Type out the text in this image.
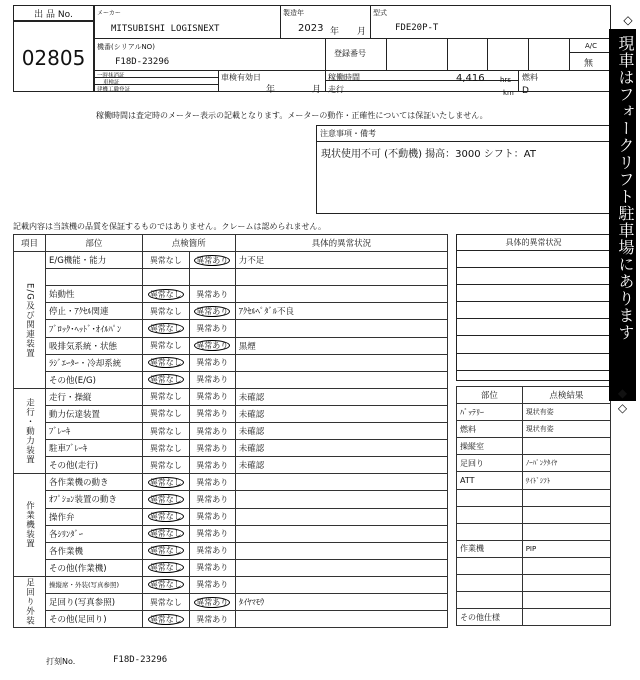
出 品 No.
02805
メーカー
MITSUBISHI LOGISNEXT
製造年
2023 年 月
型式
FDE20P-T
機番(シリアルNO)
F18D-23296
登録番号
A/C
無
一時抹消証
車検証
建機工職登証
車検有効日
年	月
稼働時間	4,416 hrs
走行	km
燃料
D
稼働時間は査定時のメーター表示の記載となります。メーターの動作・正確性については保証いたしません。
注意事項・備考
現状使用不可 (不動機) 揚高：3000 シフト：AT
記載内容は当該機の品質を保証するものではありません。クレームは認められません。
項目	部位	点検箇所		具体的異常状況
E/G及び関連装置	E/G機能・能力	異常なし	異常あり	力不足

	始動性	異常なし	異常あり	
	停止・ｱｸｾﾙ関連	異常なし	異常あり	ｱｸｾﾙﾍﾟﾀﾞﾙ不良
	ﾌﾞﾛｯｸ･ﾍｯﾄﾞ･ｵｲﾙﾊﾟﾝ	異常なし	異常あり	
	吸排気系統・状態	異常なし	異常あり	黒煙
	ﾗｼﾞｴｰﾀｰ・冷却系統	異常なし	異常あり	
	その他(E/G)	異常なし	異常あり	
走行・動力装置	走行・操縦	異常なし	異常あり	未確認
	動力伝達装置	異常なし	異常あり	未確認
	ﾌﾞﾚｰｷ	異常なし	異常あり	未確認
	駐車ﾌﾞﾚｰｷ	異常なし	異常あり	未確認
	その他(走行)	異常なし	異常あり	未確認
作業機装置	各作業機の動き	異常なし	異常あり	
	ｵﾌﾟｼｮﾝ装置の動き	異常なし	異常あり	
	操作弁	異常なし	異常あり	
	各ｼﾘﾝﾀﾞｰ	異常なし	異常あり	
	各作業機	異常なし	異常あり	
	その他(作業機)	異常なし	異常あり	
足回り外装	操縦席・外装(写真参照)	異常なし	異常あり	
	足回り(写真参照)	異常なし	異常あり	ﾀｲﾔﾏﾓｳ
	その他(足回り)	異常なし	異常あり	
具体的異常状況
部位	点検結果
ﾊﾞｯﾃﾘｰ	現状有姿
燃料	現状有姿
操縦室	
足回り	ﾉｰﾊﾟﾝｸﾀｲﾔ
ATT	ｻｲﾄﾞｼﾌﾄ

作業機	PIP

その他仕様	
打刻No.	F18D-23296
◇
現車はフォークリフト駐車場にあります
◆
◇
